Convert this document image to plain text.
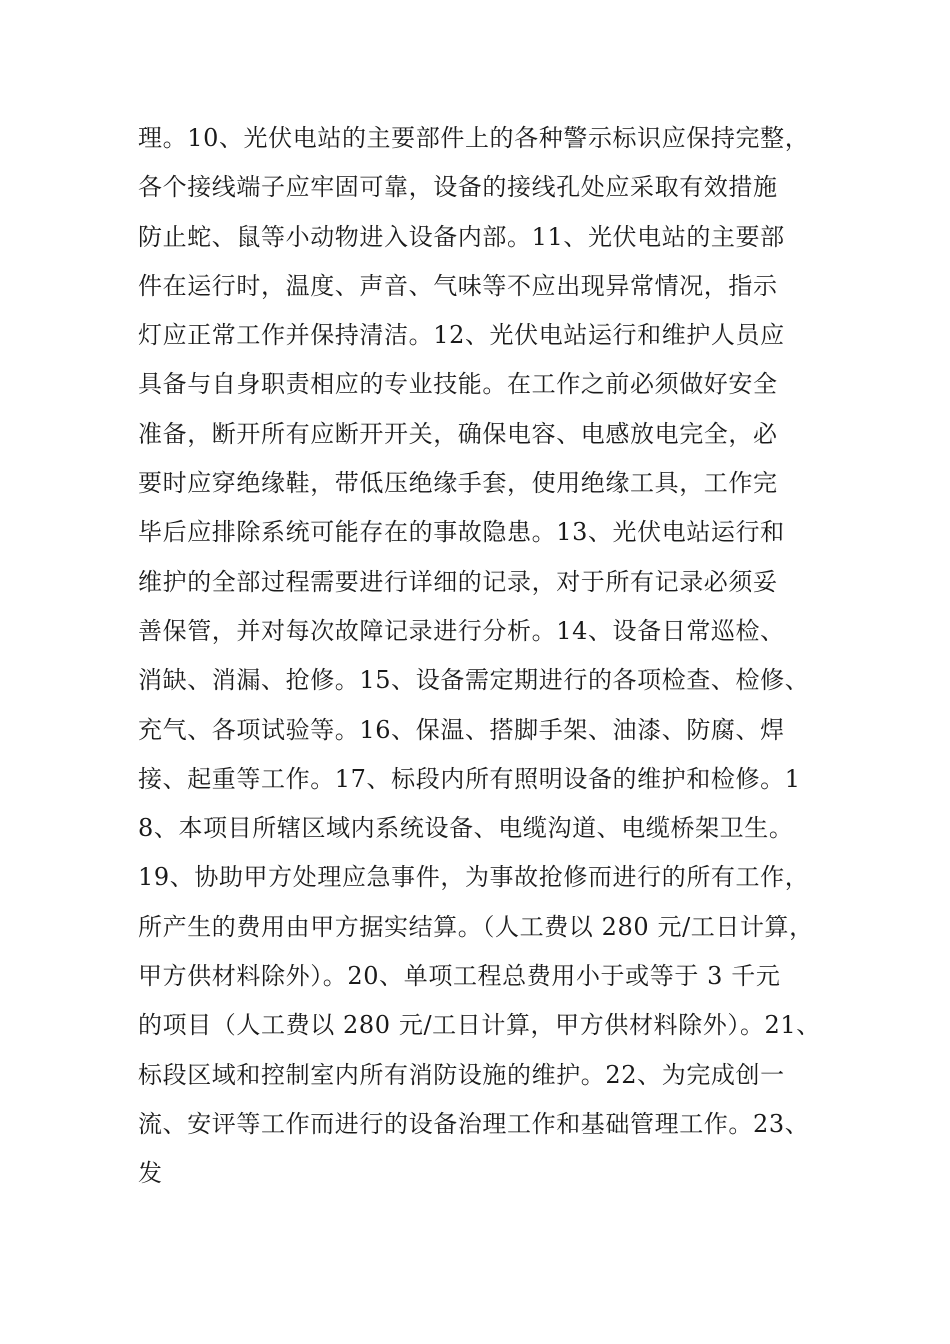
理。10、光伏电站的主要部件上的各种警示标识应保持完整，
各个接线端子应牢固可靠，设备的接线孔处应采取有效措施
防止蛇、鼠等小动物进入设备内部。11、光伏电站的主要部
件在运行时，温度、声音、气味等不应出现异常情况，指示
灯应正常工作并保持清洁。12、光伏电站运行和维护人员应
具备与自身职责相应的专业技能。在工作之前必须做好安全
准备，断开所有应断开开关，确保电容、电感放电完全，必
要时应穿绝缘鞋，带低压绝缘手套，使用绝缘工具，工作完
毕后应排除系统可能存在的事故隐患。13、光伏电站运行和
维护的全部过程需要进行详细的记录，对于所有记录必须妥
善保管，并对每次故障记录进行分析。14、设备日常巡检、
消缺、消漏、抢修。15、设备需定期进行的各项检查、检修、
充气、各项试验等。16、保温、搭脚手架、油漆、防腐、焊
接、起重等工作。17、标段内所有照明设备的维护和检修。1
8、本项目所辖区域内系统设备、电缆沟道、电缆桥架卫生。
19、协助甲方处理应急事件，为事故抢修而进行的所有工作，
所产生的费用由甲方据实结算。（人工费以 280 元/工日计算，
甲方供材料除外）。20、单项工程总费用小于或等于 3 千元
的项目（人工费以 280 元/工日计算，甲方供材料除外）。21、
标段区域和控制室内所有消防设施的维护。22、为完成创一
流、安评等工作而进行的设备治理工作和基础管理工作。23、
发
